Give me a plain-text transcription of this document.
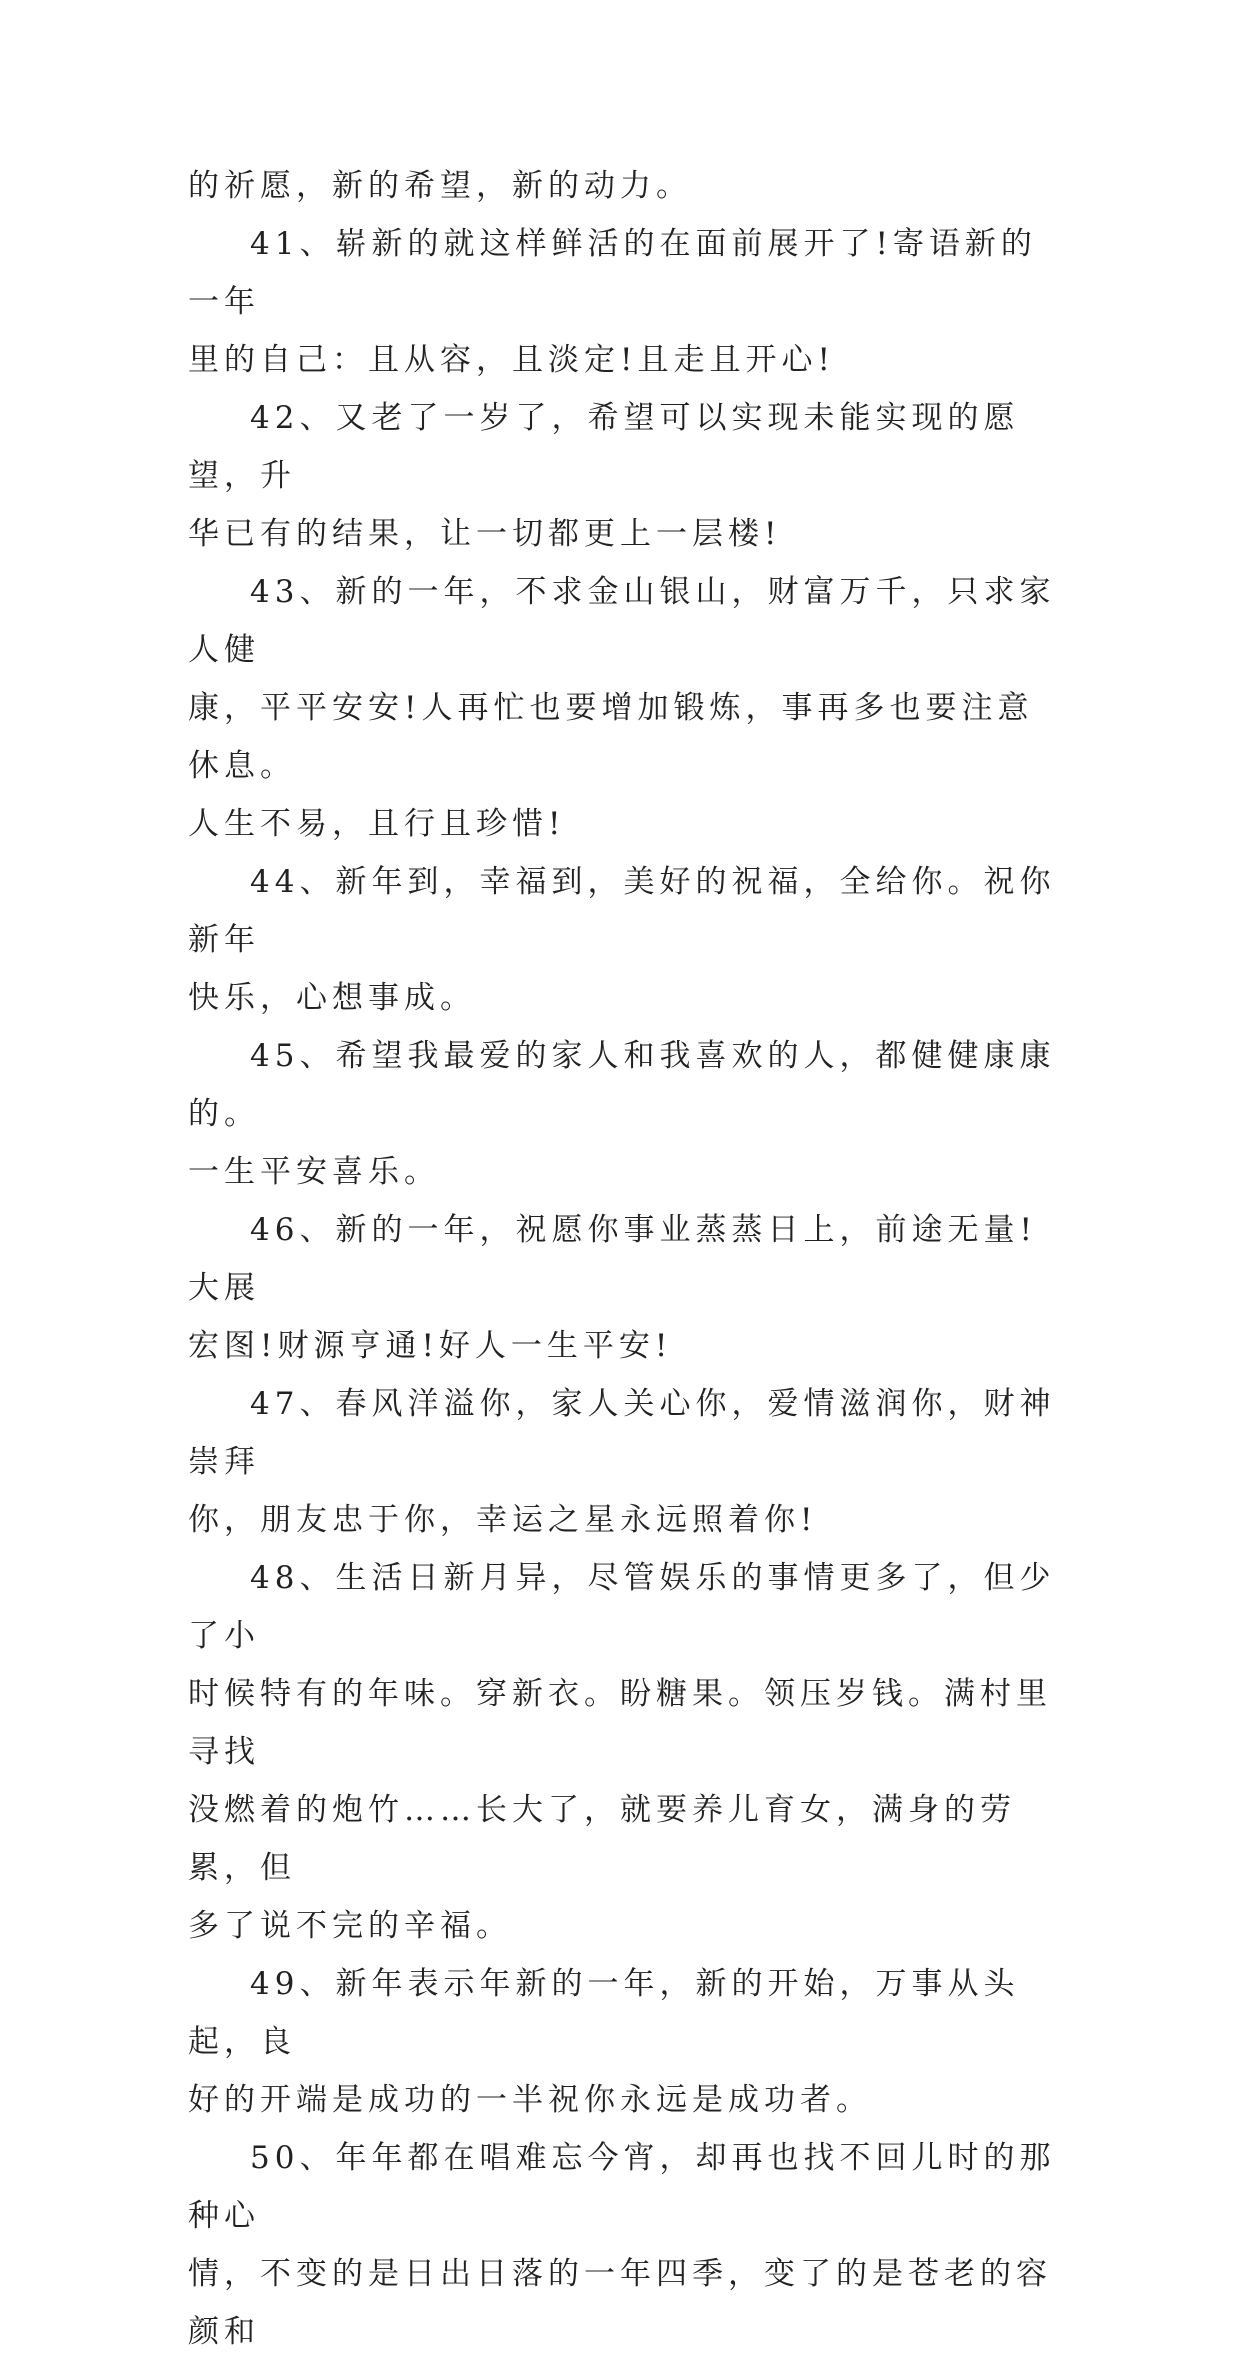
的祈愿，新的希望，新的动力。
41、崭新的就这样鲜活的在面前展开了!寄语新的一年
里的自己：且从容，且淡定!且走且开心!
42、又老了一岁了，希望可以实现未能实现的愿望，升
华已有的结果，让一切都更上一层楼!
43、新的一年，不求金山银山，财富万千，只求家人健
康，平平安安!人再忙也要增加锻炼，事再多也要注意休息。
人生不易，且行且珍惜!
44、新年到，幸福到，美好的祝福，全给你。祝你新年
快乐，心想事成。
45、希望我最爱的家人和我喜欢的人，都健健康康的。
一生平安喜乐。
46、新的一年，祝愿你事业蒸蒸日上，前途无量!大展
宏图!财源亨通!好人一生平安!
47、春风洋溢你，家人关心你，爱情滋润你，财神崇拜
你，朋友忠于你，幸运之星永远照着你!
48、生活日新月异，尽管娱乐的事情更多了，但少了小
时候特有的年味。穿新衣。盼糖果。领压岁钱。满村里寻找
没燃着的炮竹……长大了，就要养儿育女，满身的劳累，但
多了说不完的辛福。
49、新年表示年新的一年，新的开始，万事从头起，良
好的开端是成功的一半祝你永远是成功者。
50、年年都在唱难忘今宵，却再也找不回儿时的那种心
情，不变的是日出日落的一年四季，变了的是苍老的容颜和
